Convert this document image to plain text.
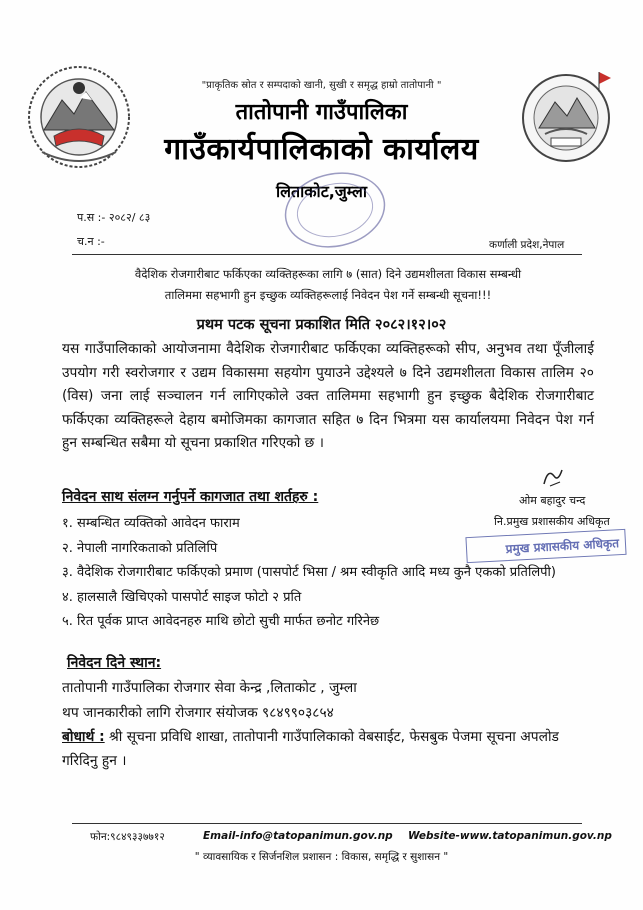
"प्राकृतिक स्रोत र सम्पदाको खानी, सुखी र समृद्ध हाम्रो तातोपानी "
तातोपानी गाउँपालिका
गाउँकार्यपालिकाको कार्यालय
लिताकोट,जुम्ला
प.स :- २०८२/ ८३
च.न :-	कर्णाली प्रदेश,नेपाल
वैदेशिक रोजगारीबाट फर्किएका व्यक्तिहरूका लागि ७ (सात) दिने उद्यमशीलता विकास सम्बन्धी
तालिममा सहभागी हुन इच्छुक व्यक्तिहरूलाई निवेदन पेश गर्ने सम्बन्धी सूचना!!!
प्रथम पटक सूचना प्रकाशित मिति २०८२।१२।०२
यस गाउँपालिकाको आयोजनामा वैदेशिक रोजगारीबाट फर्किएका व्यक्तिहरूको सीप, अनुभव तथा पूँजीलाई उपयोग गरी स्वरोजगार र उद्यम विकासमा सहयोग पुयाउने उद्देश्यले ७ दिने उद्यमशीलता विकास तालिम २० (विस) जना लाई सञ्चालन गर्न लागिएकोले उक्त तालिममा सहभागी हुन इच्छुक बैदेशिक रोजगारीबाट फर्किएका व्यक्तिहरूले देहाय बमोजिमका कागजात सहित ७ दिन भित्रमा यस कार्यालयमा निवेदन पेश गर्न हुन सम्बन्धित सबैमा यो सूचना प्रकाशित गरिएको छ ।
निवेदन साथ संलग्न गर्नुपर्ने कागजात तथा शर्तहरु :	ओम बहादुर चन्द
नि.प्रमुख प्रशासकीय अधिकृत
प्रमुख प्रशासकीय अधिकृत
१. सम्बन्धित व्यक्तिको आवेदन फाराम
२. नेपाली नागरिकताको प्रतिलिपि
३. वैदेशिक रोजगारीबाट फर्किएको प्रमाण (पासपोर्ट भिसा / श्रम स्वीकृति आदि मध्य कुनै एकको प्रतिलिपी)
४. हालसालै खिचिएको पासपोर्ट साइज फोटो २ प्रति
५. रित पूर्वक प्राप्त आवेदनहरु माथि छोटो सुची मार्फत छनोट गरिनेछ
निवेदन दिने स्थान:
तातोपानी गाउँपालिका रोजगार सेवा केन्द्र ,लिताकोट , जुम्ला
थप जानकारीको लागि रोजगार संयोजक ९८४९९०३८५४
बोधार्थ : श्री सूचना प्रविधि शाखा, तातोपानी गाउँपालिकाको वेबसाईट, फेसबुक पेजमा सूचना अपलोड गरिदिनु हुन ।
फोन:९८४९३३७७१२	Email-info@tatopanimun.gov.np Website-www.tatopanimun.gov.np
" व्यावसायिक र सिर्जनशिल प्रशासन : विकास, समृद्धि र सुशासन "
